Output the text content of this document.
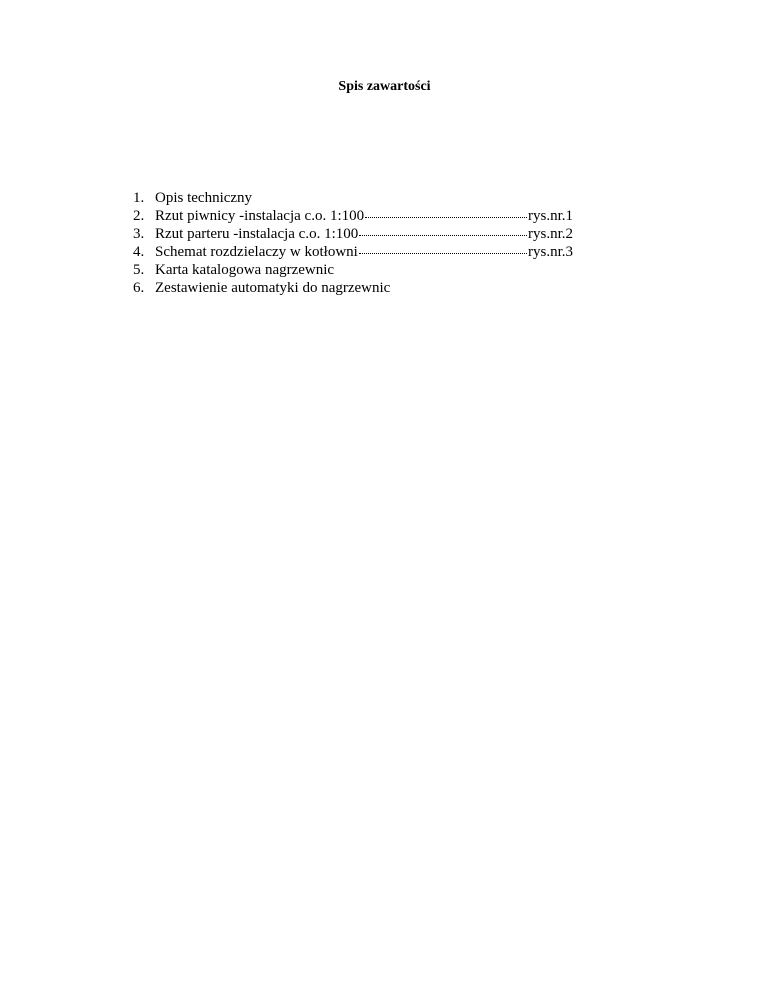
Spis zawartości
1. Opis techniczny
2. Rzut piwnicy -instalacja c.o. 1:100	rys.nr.1
3. Rzut parteru -instalacja c.o. 1:100	rys.nr.2
4. Schemat rozdzielaczy w kotłowni	rys.nr.3
5. Karta katalogowa nagrzewnic
6. Zestawienie automatyki do nagrzewnic
